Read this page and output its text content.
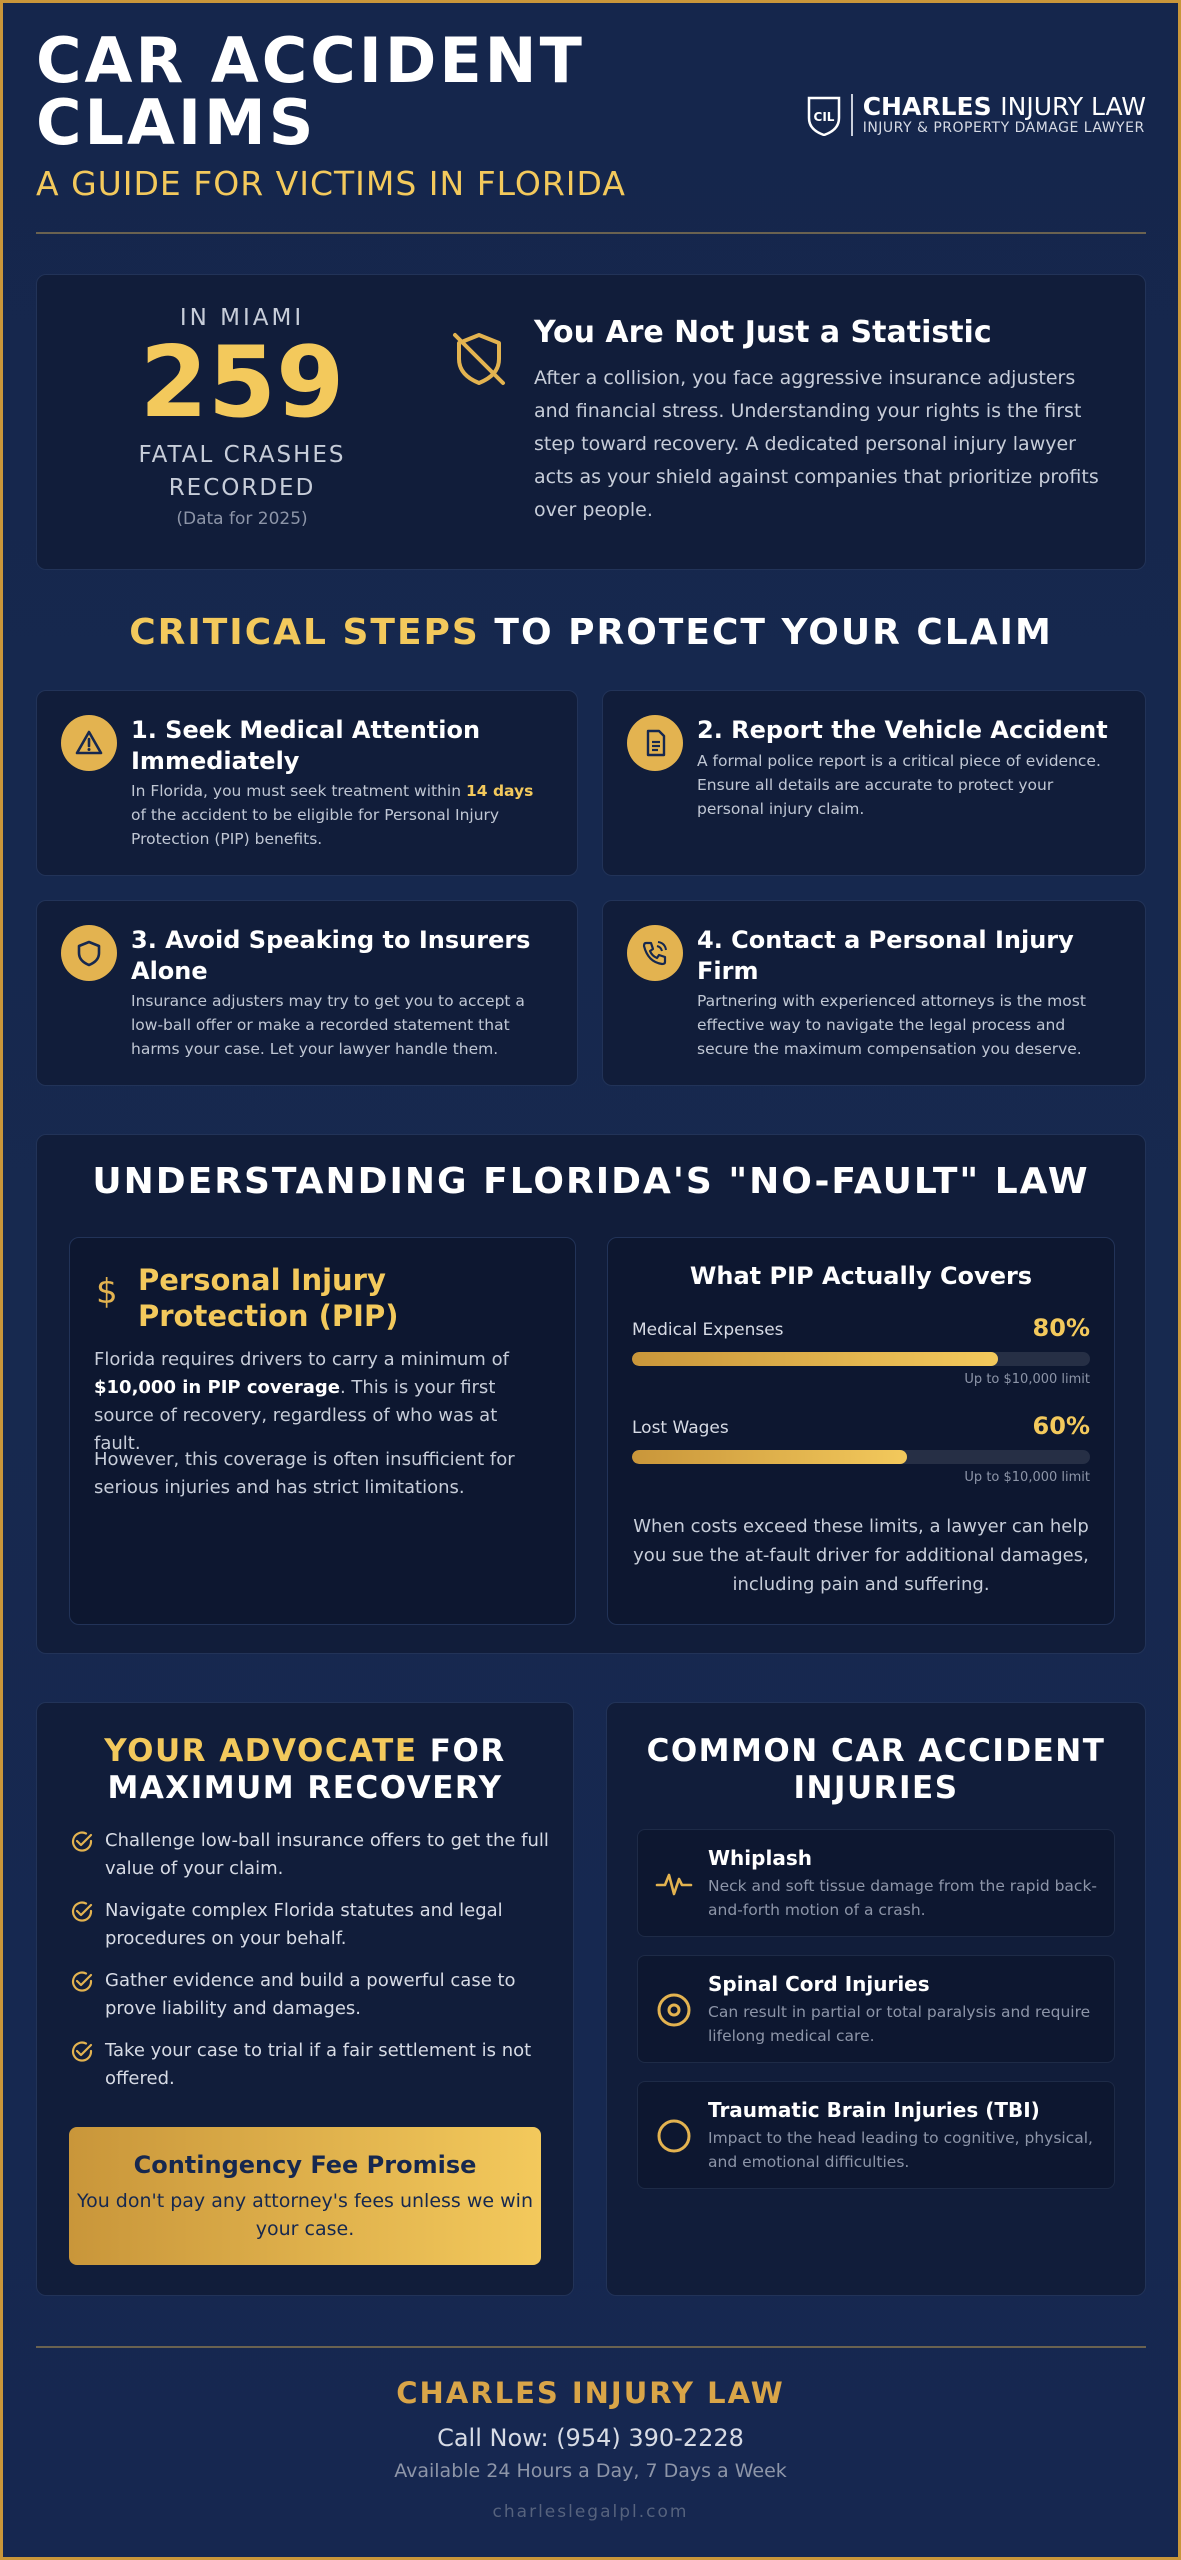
CAR ACCIDENT
CLAIMS
A GUIDE FOR VICTIMS IN FLORIDA
CIL CHARLES INJURY LAW
INJURY & PROPERTY DAMAGE LAWYER
IN MIAMI
259
FATAL CRASHES
RECORDED
(Data for 2025)
You Are Not Just a Statistic
After a collision, you face aggressive insurance adjusters and financial stress. Understanding your rights is the first step toward recovery. A dedicated personal injury lawyer acts as your shield against companies that prioritize profits over people.
CRITICAL STEPS TO PROTECT YOUR CLAIM
1. Seek Medical Attention Immediately
In Florida, you must seek treatment within 14 days of the accident to be eligible for Personal Injury Protection (PIP) benefits.
2. Report the Vehicle Accident
A formal police report is a critical piece of evidence. Ensure all details are accurate to protect your personal injury claim.
3. Avoid Speaking to Insurers Alone
Insurance adjusters may try to get you to accept a low-ball offer or make a recorded statement that harms your case. Let your lawyer handle them.
4. Contact a Personal Injury Firm
Partnering with experienced attorneys is the most effective way to navigate the legal process and secure the maximum compensation you deserve.
UNDERSTANDING FLORIDA'S "NO-FAULT" LAW
$ Personal Injury
Protection (PIP)
Florida requires drivers to carry a minimum of $10,000 in PIP coverage. This is your first source of recovery, regardless of who was at fault.
However, this coverage is often insufficient for serious injuries and has strict limitations.
What PIP Actually Covers
Medical Expenses	80%
Up to $10,000 limit
Lost Wages	60%
Up to $10,000 limit
When costs exceed these limits, a lawyer can help you sue the at-fault driver for additional damages, including pain and suffering.
YOUR ADVOCATE FOR
MAXIMUM RECOVERY
Challenge low-ball insurance offers to get the full value of your claim.
Navigate complex Florida statutes and legal procedures on your behalf.
Gather evidence and build a powerful case to prove liability and damages.
Take your case to trial if a fair settlement is not offered.
Contingency Fee Promise
You don't pay any attorney's fees unless we win your case.
COMMON CAR ACCIDENT
INJURIES
Whiplash
Neck and soft tissue damage from the rapid back-and-forth motion of a crash.
Spinal Cord Injuries
Can result in partial or total paralysis and require lifelong medical care.
Traumatic Brain Injuries (TBI)
Impact to the head leading to cognitive, physical, and emotional difficulties.
CHARLES INJURY LAW
Call Now: (954) 390-2228
Available 24 Hours a Day, 7 Days a Week
charleslegalpl.com
